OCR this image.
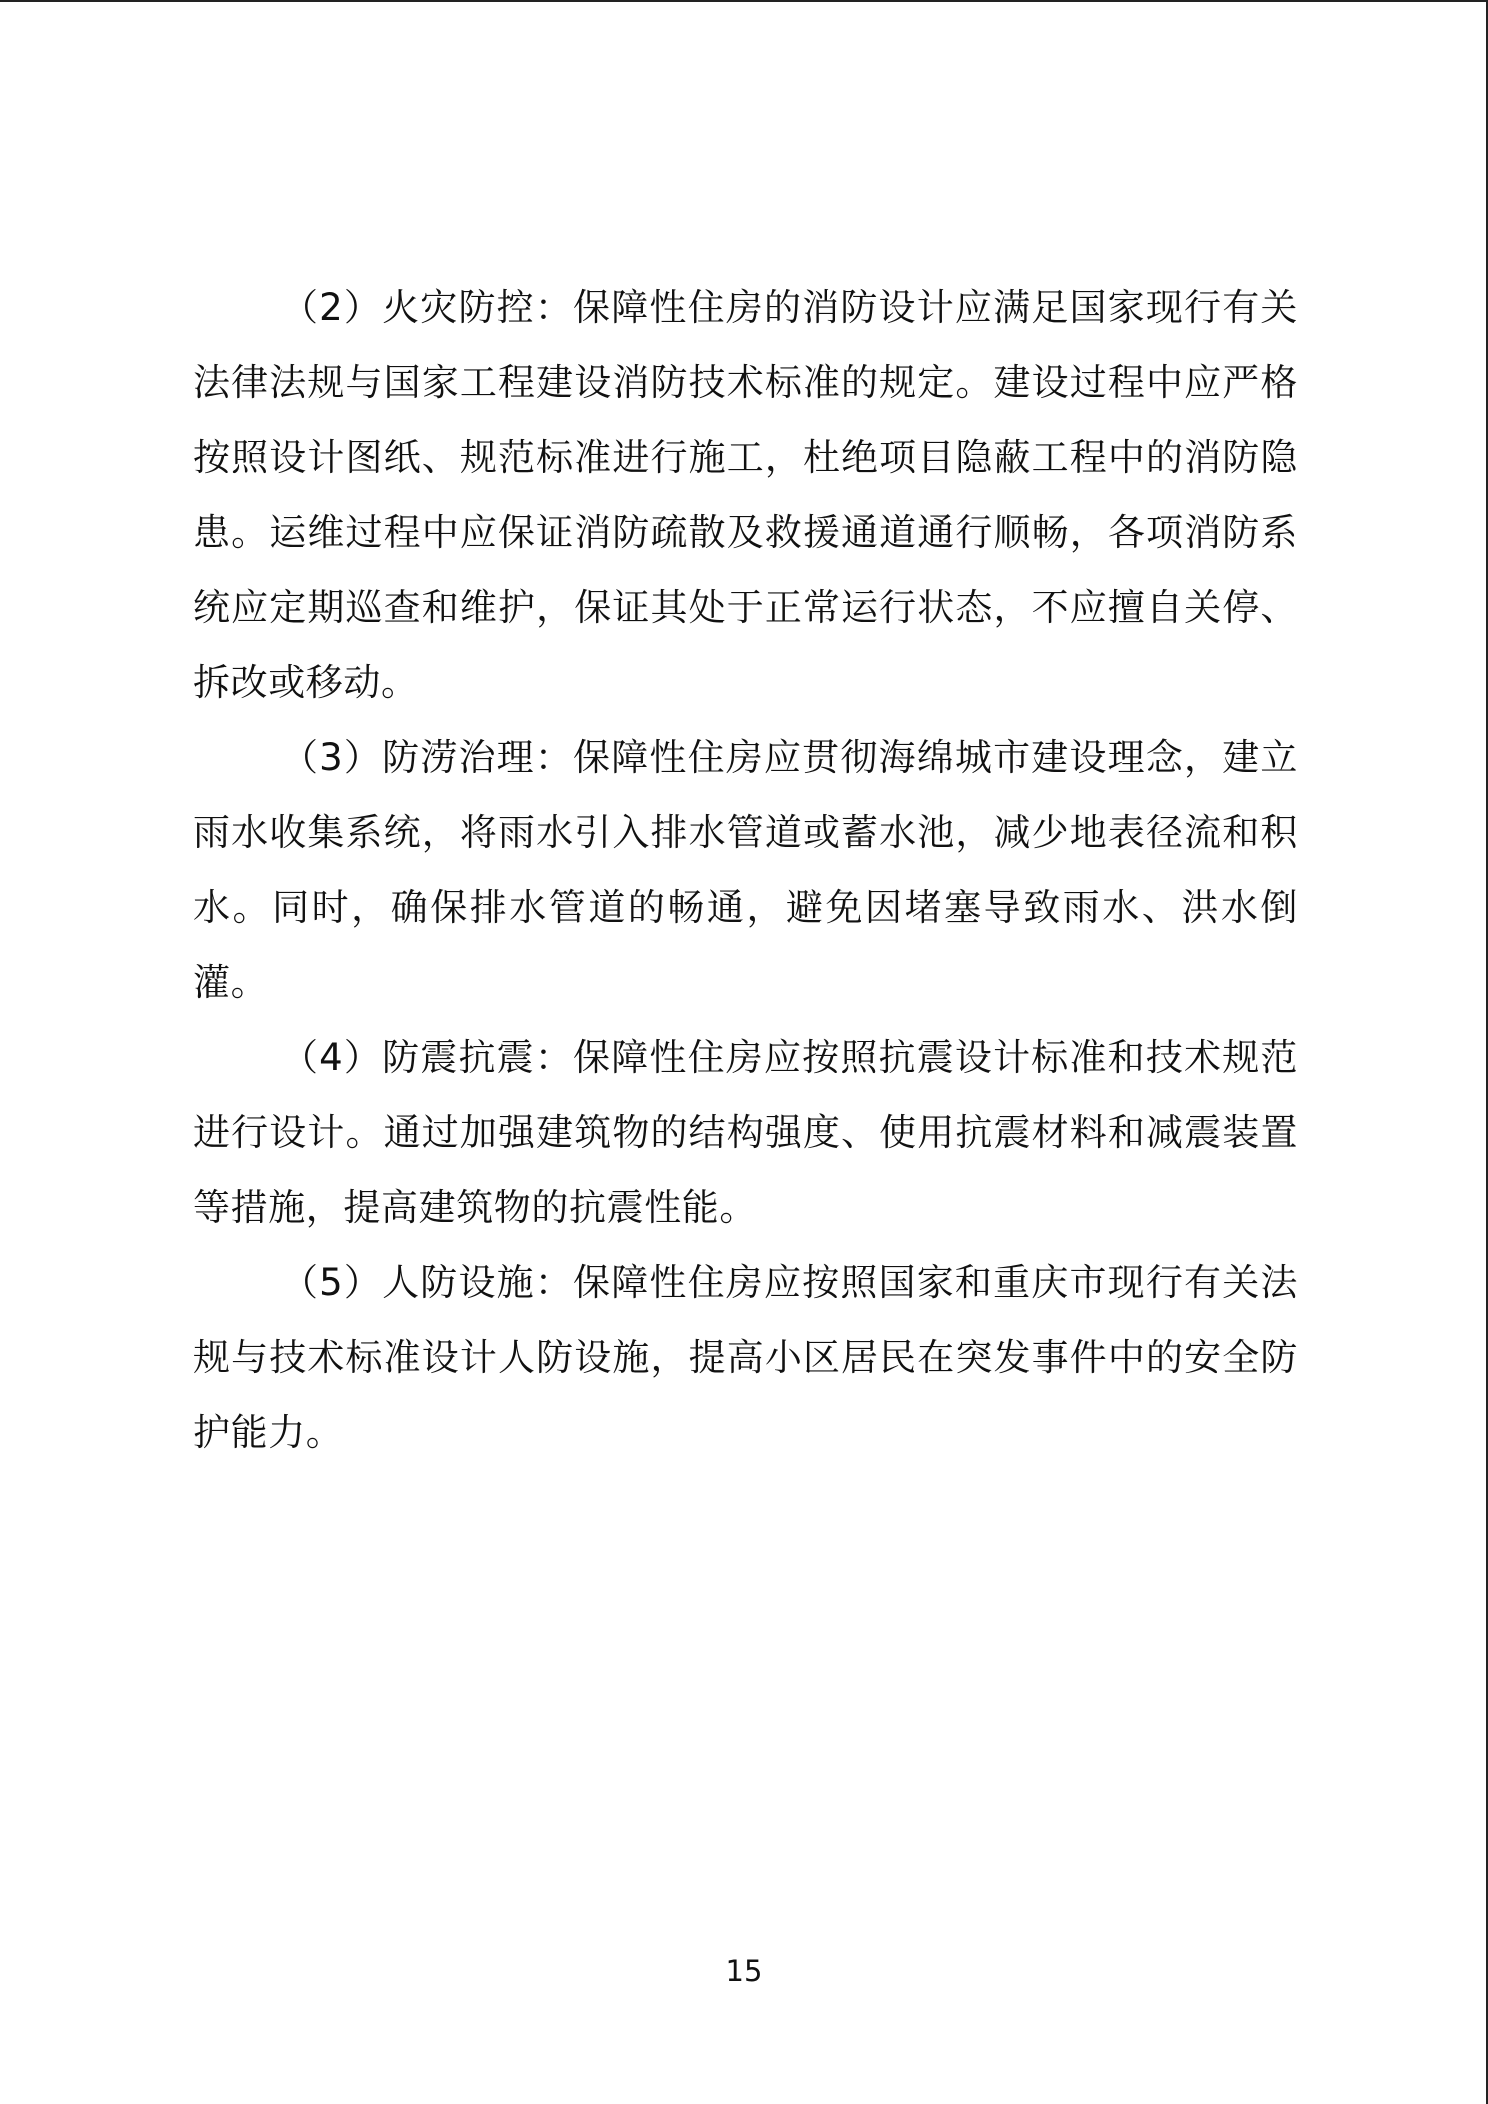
（2）火灾防控：保障性住房的消防设计应满足国家现行有关法律法规与国家工程建设消防技术标准的规定。建设过程中应严格按照设计图纸、规范标准进行施工，杜绝项目隐蔽工程中的消防隐患。运维过程中应保证消防疏散及救援通道通行顺畅，各项消防系统应定期巡查和维护，保证其处于正常运行状态，不应擅自关停、拆改或移动。

（3）防涝治理：保障性住房应贯彻海绵城市建设理念，建立雨水收集系统，将雨水引入排水管道或蓄水池，减少地表径流和积水。同时，确保排水管道的畅通，避免因堵塞导致雨水、洪水倒灌。

（4）防震抗震：保障性住房应按照抗震设计标准和技术规范进行设计。通过加强建筑物的结构强度、使用抗震材料和减震装置等措施，提高建筑物的抗震性能。

（5）人防设施：保障性住房应按照国家和重庆市现行有关法规与技术标准设计人防设施，提高小区居民在突发事件中的安全防护能力。

15
